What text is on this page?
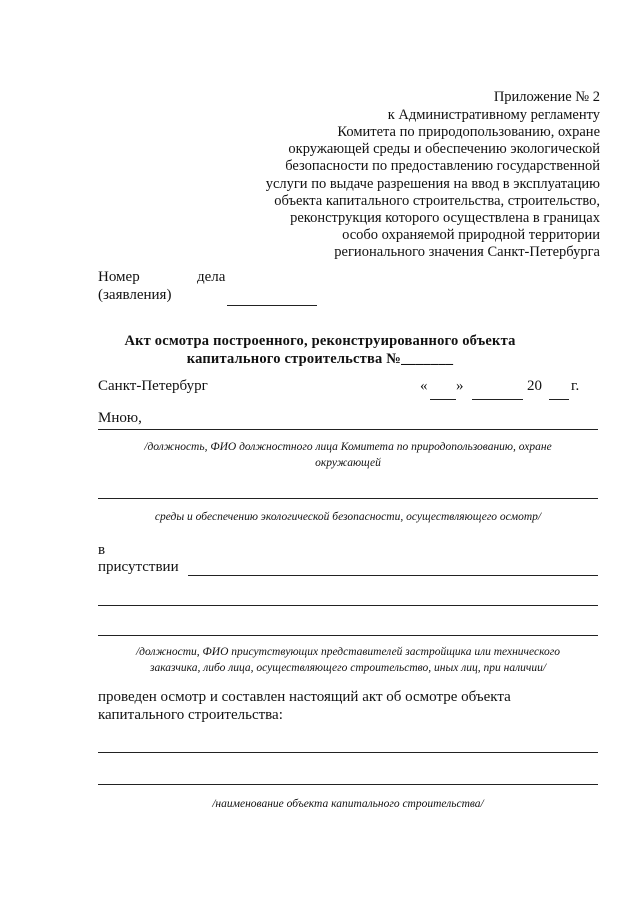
Приложение № 2
к Административному регламенту
Комитета по природопользованию, охране
окружающей среды и обеспечению экологической
безопасности по предоставлению государственной
услуги по выдаче разрешения на ввод в эксплуатацию
объекта капитального строительства, строительство,
реконструкция которого осуществлена в границах
особо охраняемой природной территории
регионального значения Санкт-Петербурга
Номер	дела
(заявления)
Акт осмотра построенного, реконструированного объекта
капитального строительства №_______
Санкт-Петербург	« »	20 г.
Мною,
/должность, ФИО должностного лица Комитета по природопользованию, охране
окружающей
среды и обеспечению экологической безопасности, осуществляющего осмотр/
в
присутствии
/должности, ФИО присутствующих представителей застройщика или технического
заказчика, либо лица, осуществляющего строительство, иных лиц, при наличии/
проведен осмотр и составлен настоящий акт об осмотре объекта
капитального строительства:
/наименование объекта капитального строительства/
